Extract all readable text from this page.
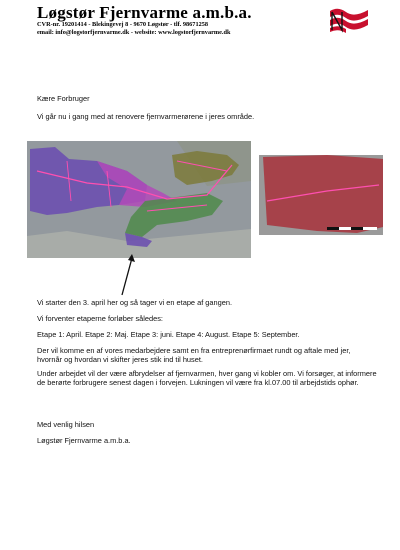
Løgstør Fjernvarme a.m.b.a.
CVR-nr. 19201414 - Blekingevej 8 - 9670 Løgstør - tlf. 98671258
email: info@logstorfjernvarme.dk - website: www.logstorfjernvarme.dk
Kære Forbruger
Vi går nu i gang med at renovere fjernvarmerørene i jeres område.
Vi starter den 3. april her og så tager vi en etape af gangen.
Vi forventer etaperne forløber således:
Etape 1: April. Etape 2: Maj. Etape 3: juni. Etape 4: August. Etape 5: September.
Der vil komme en af vores medarbejdere samt en fra entreprenørfirmaet rundt og aftale med jer, hvornår og hvordan vi skifter jeres stik ind til huset.
Under arbejdet vil der være afbrydelser af fjernvarmen, hver gang vi kobler om. Vi forsøger, at informere de berørte forbrugere senest dagen i forvejen. Lukningen vil være fra kl.07.00 til arbejdstids ophør.
Med venlig hilsen
Løgstør Fjernvarme a.m.b.a.
